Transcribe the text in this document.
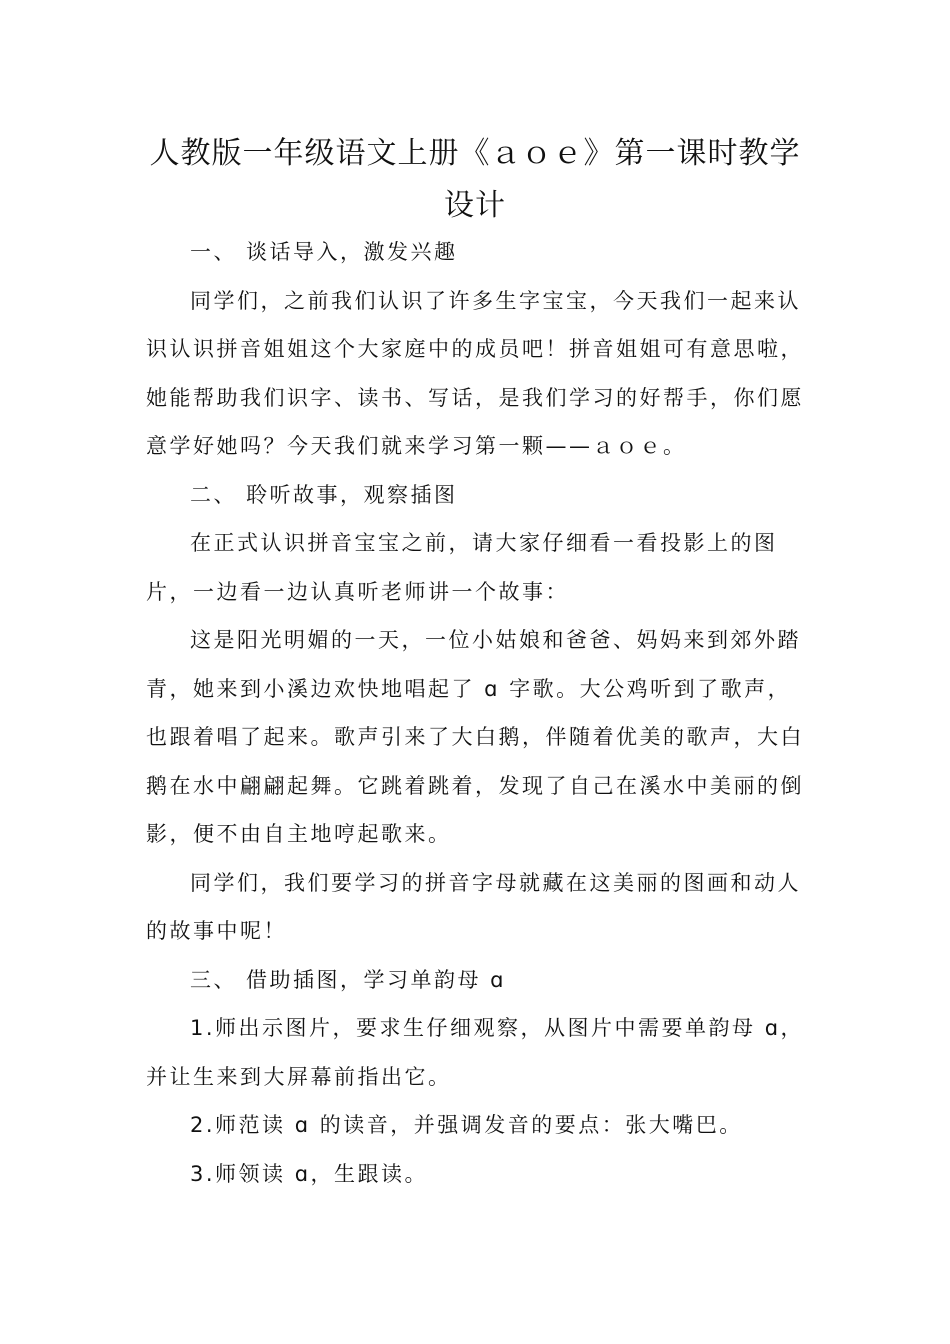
人教版一年级语文上册《ａｏｅ》第一课时教学设计

一、 谈话导入，激发兴趣

同学们，之前我们认识了许多生字宝宝，今天我们一起来认识认识拼音姐姐这个大家庭中的成员吧！拼音姐姐可有意思啦，她能帮助我们识字、读书、写话，是我们学习的好帮手，你们愿意学好她吗？今天我们就来学习第一颗——ａｏｅ。

二、 聆听故事，观察插图

在正式认识拼音宝宝之前，请大家仔细看一看投影上的图片，一边看一边认真听老师讲一个故事：

这是阳光明媚的一天，一位小姑娘和爸爸、妈妈来到郊外踏青，她来到小溪边欢快地唱起了 ɑ 字歌。大公鸡听到了歌声，也跟着唱了起来。歌声引来了大白鹅，伴随着优美的歌声，大白鹅在水中翩翩起舞。它跳着跳着，发现了自己在溪水中美丽的倒影，便不由自主地哼起歌来。

同学们，我们要学习的拼音字母就藏在这美丽的图画和动人的故事中呢！

三、 借助插图，学习单韵母 ɑ

1.师出示图片，要求生仔细观察，从图片中需要单韵母 ɑ，并让生来到大屏幕前指出它。

2.师范读 ɑ 的读音，并强调发音的要点：张大嘴巴。

3.师领读 ɑ，生跟读。
